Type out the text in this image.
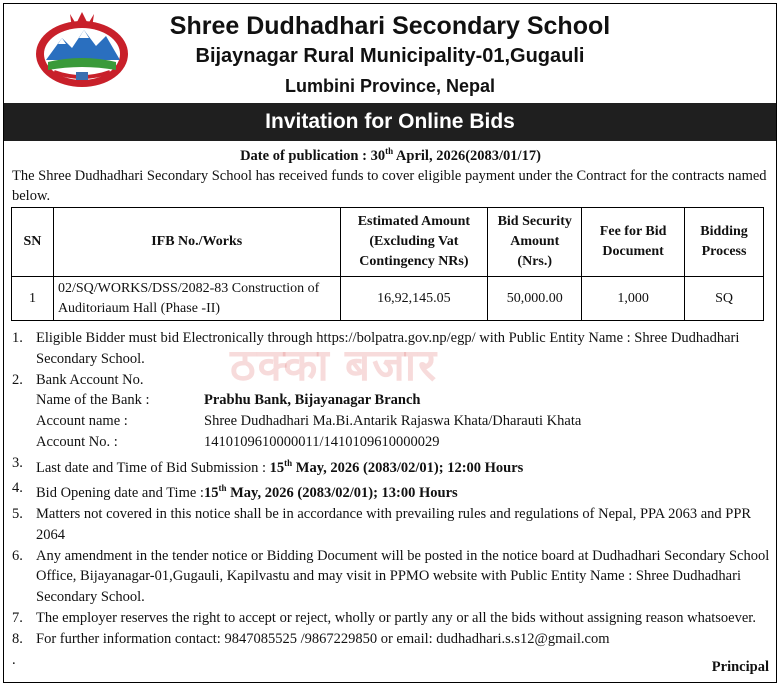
Shree Dudhadhari Secondary School
Bijaynagar Rural Municipality-01,Gugauli
Lumbini Province, Nepal
Invitation for Online Bids
Date of publication : 30th April, 2026(2083/01/17)
The Shree Dudhadhari Secondary School has received funds to cover eligible payment under the Contract for the contracts named below.
SN	IFB No./Works	Estimated Amount (Excluding Vat Contingency NRs)	Bid Security Amount (Nrs.)	Fee for Bid Document	Bidding Process
1	02/SQ/WORKS/DSS/2082-83 Construction of Auditoriaum Hall (Phase -II)	16,92,145.05	50,000.00	1,000	SQ
ठक्का बजार
1. Eligible Bidder must bid Electronically through https://bolpatra.gov.np/egp/ with Public Entity Name : Shree Dudhadhari Secondary School.
2. Bank Account No.
Name of the Bank :	Prabhu Bank, Bijayanagar Branch
Account name :	Shree Dudhadhari Ma.Bi.Antarik Rajaswa Khata/Dharauti Khata
Account No. :	1410109610000011/1410109610000029
3. Last date and Time of Bid Submission : 15th May, 2026 (2083/02/01); 12:00 Hours
4. Bid Opening date and Time :15th May, 2026 (2083/02/01); 13:00 Hours
5. Matters not covered in this notice shall be in accordance with prevailing rules and regulations of Nepal, PPA 2063 and PPR 2064
6. Any amendment in the tender notice or Bidding Document will be posted in the notice board at Dudhadhari Secondary School Office, Bijayanagar-01,Gugauli, Kapilvastu and may visit in PPMO website with Public Entity Name : Shree Dudhadhari Secondary School.
7. The employer reserves the right to accept or reject, wholly or partly any or all the bids without assigning reason whatsoever.
8. For further information contact: 9847085525 /9867229850 or email: dudhadhari.s.s12@gmail.com
.	Principal
